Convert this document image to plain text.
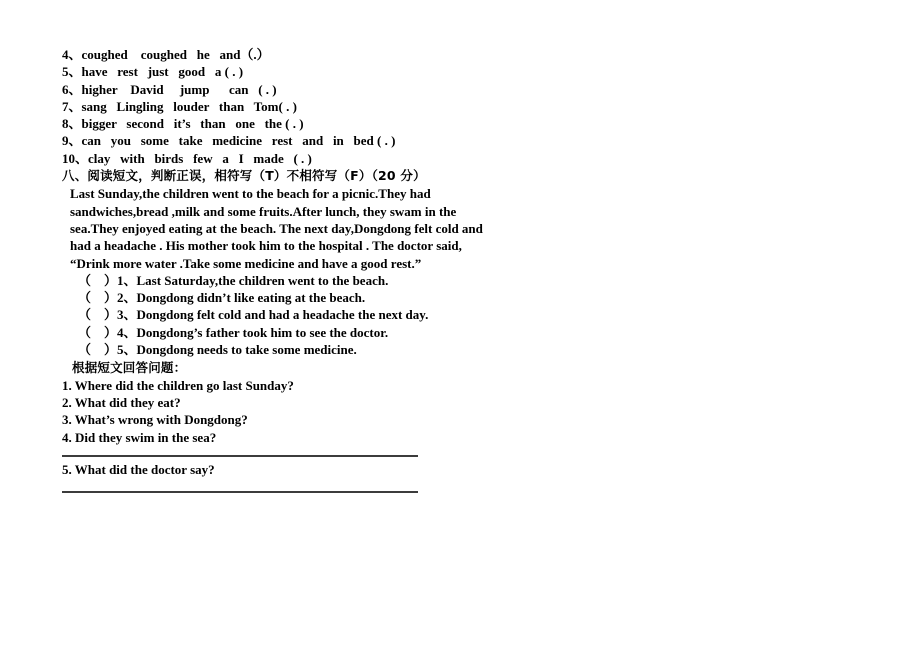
4、coughed    coughed   he   and（.）
5、have   rest   just   good   a ( . )
6、higher    David     jump      can   ( . )
7、sang   Lingling   louder   than   Tom( . )
8、bigger   second   it’s   than   one   the ( . )
9、can   you   some   take   medicine   rest   and   in   bed ( . )
10、clay   with   birds   few   a   I   made   ( . )
八、阅读短文，判断正误，相符写（T）不相符写（F）（20 分）
Last Sunday,the children went to the beach for a picnic.They had
sandwiches,bread ,milk and some fruits.After lunch, they swam in the
sea.They enjoyed eating at the beach. The next day,Dongdong felt cold and
had a headache . His mother took him to the hospital . The doctor said,
“Drink more water .Take some medicine and have a good rest.”
（    ）1、Last Saturday,the children went to the beach.
（    ）2、Dongdong didn’t like eating at the beach.
（    ）3、Dongdong felt cold and had a headache the next day.
（    ）4、Dongdong’s father took him to see the doctor.
（    ）5、Dongdong needs to take some medicine.
根据短文回答问题：
1. Where did the children go last Sunday?
2. What did they eat?
3. What’s wrong with Dongdong?
4. Did they swim in the sea?
5. What did the doctor say?
